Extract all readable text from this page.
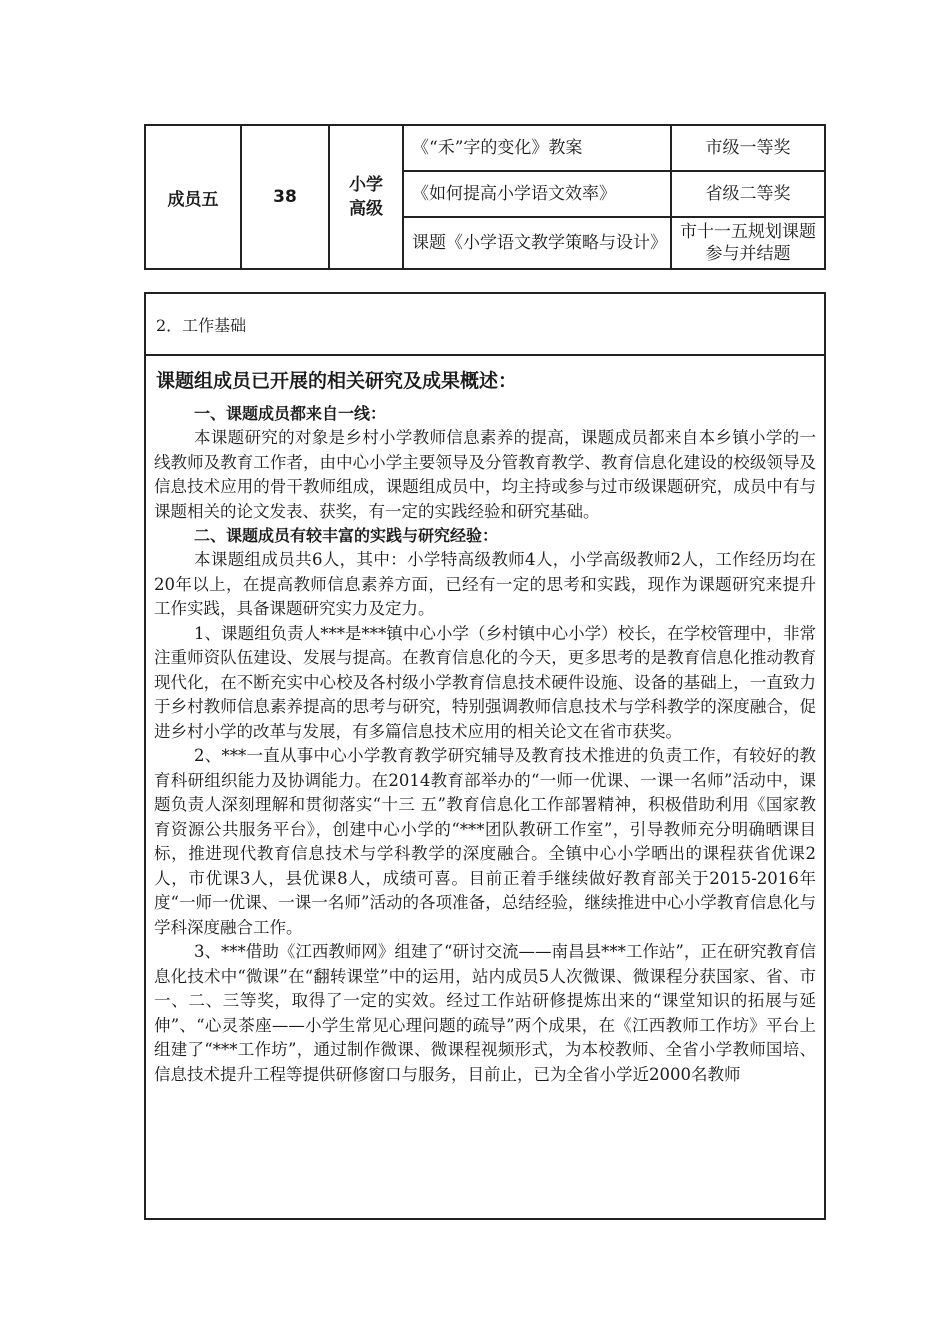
成员五	38	小学高级	《“禾”字的变化》教案	市级一等奖
			《如何提高小学语文效率》	省级二等奖
			课题《小学语文教学策略与设计》	市十一五规划课题 参与并结题
2．工作基础

课题组成员已开展的相关研究及成果概述：

一、课题成员都来自一线：

本课题研究的对象是乡村小学教师信息素养的提高，课题成员都来自本乡镇小学的一线教师及教育工作者，由中心小学主要领导及分管教育教学、教育信息化建设的校级领导及信息技术应用的骨干教师组成，课题组成员中，均主持或参与过市级课题研究，成员中有与课题相关的论文发表、获奖，有一定的实践经验和研究基础。

二、课题成员有较丰富的实践与研究经验：

本课题组成员共6人，其中：小学特高级教师4人，小学高级教师2人，工作经历均在20年以上，在提高教师信息素养方面，已经有一定的思考和实践，现作为课题研究来提升工作实践，具备课题研究实力及定力。

1、课题组负责人***是***镇中心小学（乡村镇中心小学）校长，在学校管理中，非常注重师资队伍建设、发展与提高。在教育信息化的今天，更多思考的是教育信息化推动教育现代化，在不断充实中心校及各村级小学教育信息技术硬件设施、设备的基础上，一直致力于乡村教师信息素养提高的思考与研究，特别强调教师信息技术与学科教学的深度融合，促进乡村小学的改革与发展，有多篇信息技术应用的相关论文在省市获奖。

2、***一直从事中心小学教育教学研究辅导及教育技术推进的负责工作，有较好的教育科研组织能力及协调能力。在2014教育部举办的“一师一优课、一课一名师”活动中，课题负责人深刻理解和贯彻落实“十三 五”教育信息化工作部署精神，积极借助利用《国家教育资源公共服务平台》，创建中心小学的“***团队教研工作室”，引导教师充分明确晒课目标，推进现代教育信息技术与学科教学的深度融合。全镇中心小学晒出的课程获省优课2人，市优课3人，县优课8人，成绩可喜。目前正着手继续做好教育部关于2015-2016年度“一师一优课、一课一名师”活动的各项准备，总结经验，继续推进中心小学教育信息化与学科深度融合工作。

3、***借助《江西教师网》组建了“研讨交流——南昌县***工作站”，正在研究教育信息化技术中“微课”在“翻转课堂”中的运用，站内成员5人次微课、微课程分获国家、省、市一、二、三等奖，取得了一定的实效。经过工作站研修提炼出来的“课堂知识的拓展与延伸”、“心灵茶座——小学生常见心理问题的疏导”两个成果，在《江西教师工作坊》平台上组建了“***工作坊”，通过制作微课、微课程视频形式，为本校教师、全省小学教师国培、信息技术提升工程等提供研修窗口与服务，目前止，已为全省小学近2000名教师
